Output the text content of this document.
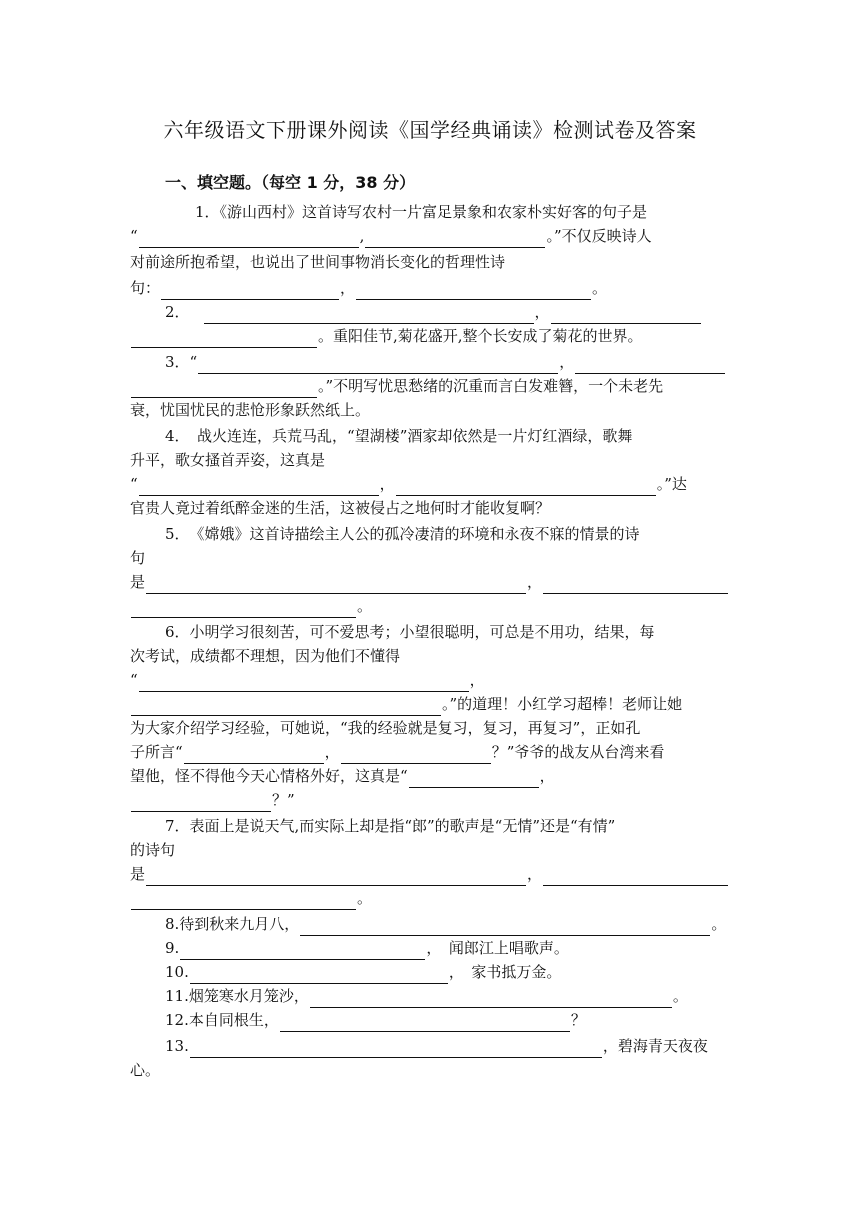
六年级语文下册课外阅读《国学经典诵读》检测试卷及答案
一、填空题。（每空 1 分，38 分）
1．《游山西村》这首诗写农村一片富足景象和农家朴实好客的句子是
“	,	。”不仅反映诗人
对前途所抱希望，也说出了世间事物消长变化的哲理性诗
句：	，	。
2．	，
。重阳佳节,菊花盛开,整个长安成了菊花的世界。
3．“	，
。”不明写忧思愁绪的沉重而言白发难簪，一个未老先
衰，忧国忧民的悲怆形象跃然纸上。
4．　战火连连，兵荒马乱，“望湖楼”酒家却依然是一片灯红酒绿，歌舞
升平，歌女搔首弄姿，这真是
“	，	。”达
官贵人竟过着纸醉金迷的生活，这被侵占之地何时才能收复啊？
5．　《嫦娥》这首诗描绘主人公的孤冷凄清的环境和永夜不寐的情景的诗
句
是	，
。
6．小明学习很刻苦，可不爱思考；小望很聪明，可总是不用功，结果，每
次考试，成绩都不理想，因为他们不懂得
“	，
。”的道理！小红学习超棒！老师让她
为大家介绍学习经验，可她说，“我的经验就是复习，复习，再复习”，正如孔
子所言“	，	？”爷爷的战友从台湾来看
望他，怪不得他今天心情格外好，这真是“	，
？”
7．表面上是说天气,而实际上却是指“郎”的歌声是“无情”还是“有情”
的诗句
是	，
。
8.待到秋来九月八，	。
9.	，　闻郎江上唱歌声。
10.	，　家书抵万金。
11.烟笼寒水月笼沙，	。
12.本自同根生，	？
13.	，碧海青天夜夜
心。
